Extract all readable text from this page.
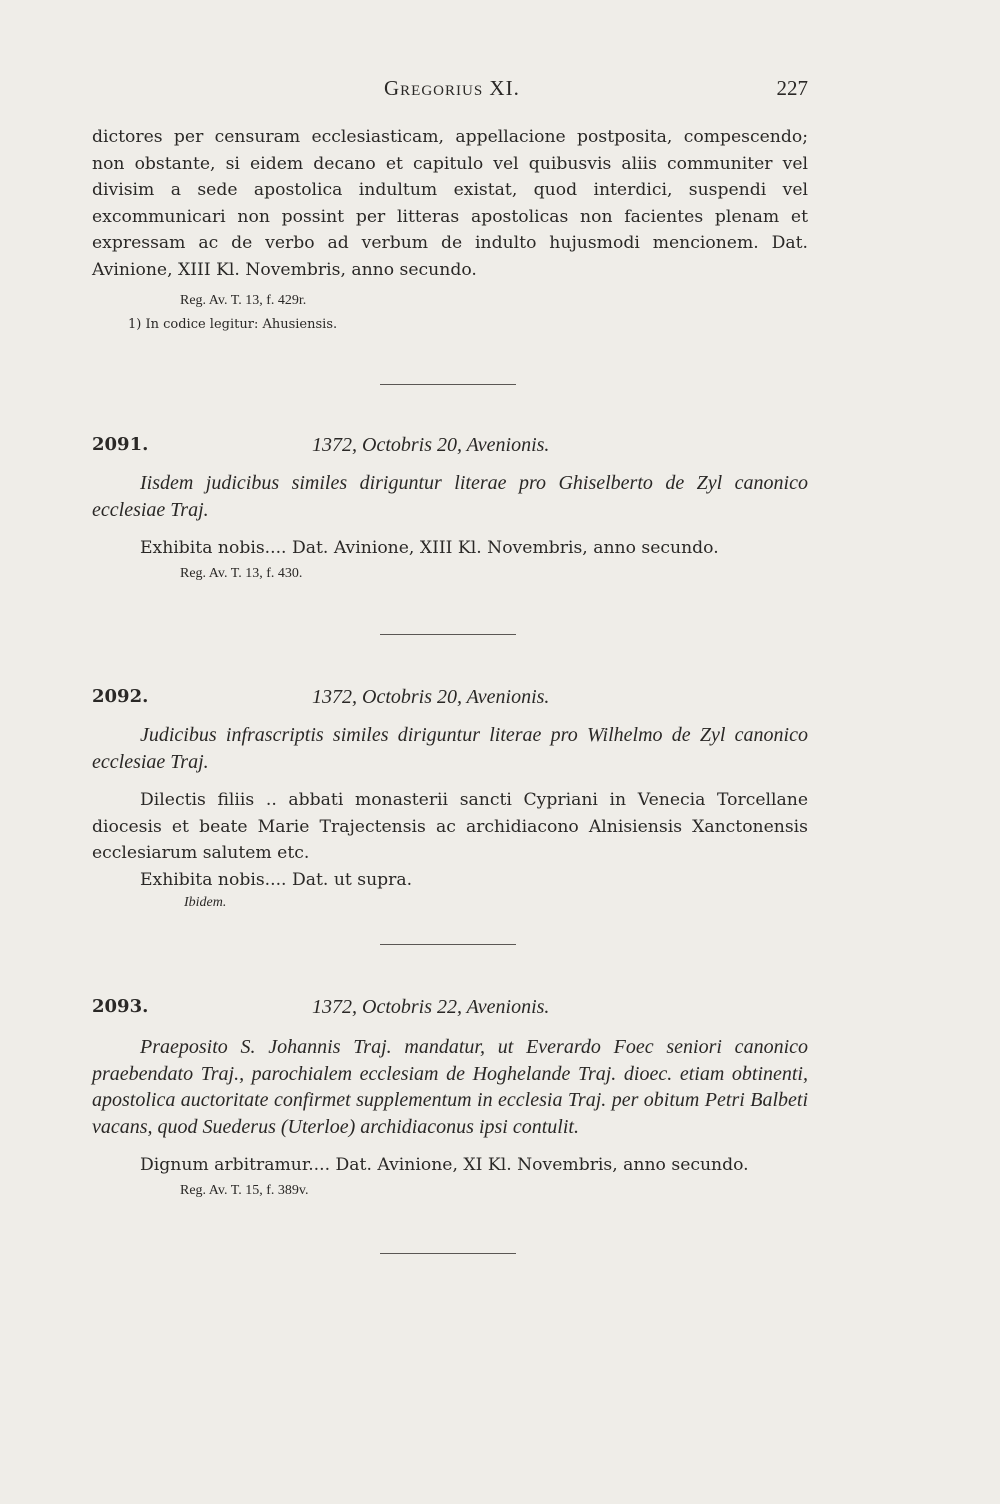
Gregorius XI.	227

dictores per censuram ecclesiasticam, appellacione postposita, compescendo; non obstante, si eidem decano et capitulo vel quibusvis aliis communiter vel divisim a sede apostolica indultum existat, quod interdici, suspendi vel excommunicari non possint per litteras apostolicas non facientes plenam et expressam ac de verbo ad verbum de indulto hujusmodi mencionem. Dat. Avinione, XIII Kl. Novembris, anno secundo.

Reg. Av. T. 13, f. 429r.
1) In codice legitur: Ahusiensis.
2091.	1372, Octobris 20, Avenionis.

Iisdem judicibus similes diriguntur literae pro Ghiselberto de Zyl canonico ecclesiae Traj.

Exhibita nobis.... Dat. Avinione, XIII Kl. Novembris, anno secundo.

Reg. Av. T. 13, f. 430.
2092.	1372, Octobris 20, Avenionis.

Judicibus infrascriptis similes diriguntur literae pro Wilhelmo de Zyl canonico ecclesiae Traj.

Dilectis filiis .. abbati monasterii sancti Cypriani in Venecia Torcellane diocesis et beate Marie Trajectensis ac archidiacono Alnisiensis Xanctonensis ecclesiarum salutem etc.

Exhibita nobis.... Dat. ut supra.

Ibidem.
2093.	1372, Octobris 22, Avenionis.

Praeposito S. Johannis Traj. mandatur, ut Everardo Foec seniori canonico praebendato Traj., parochialem ecclesiam de Hoghelande Traj. dioec. etiam obtinenti, apostolica auctoritate confirmet supplementum in ecclesia Traj. per obitum Petri Balbeti vacans, quod Suederus (Uterloe) archidiaconus ipsi contulit.

Dignum arbitramur.... Dat. Avinione, XI Kl. Novembris, anno secundo.

Reg. Av. T. 15, f. 389v.
